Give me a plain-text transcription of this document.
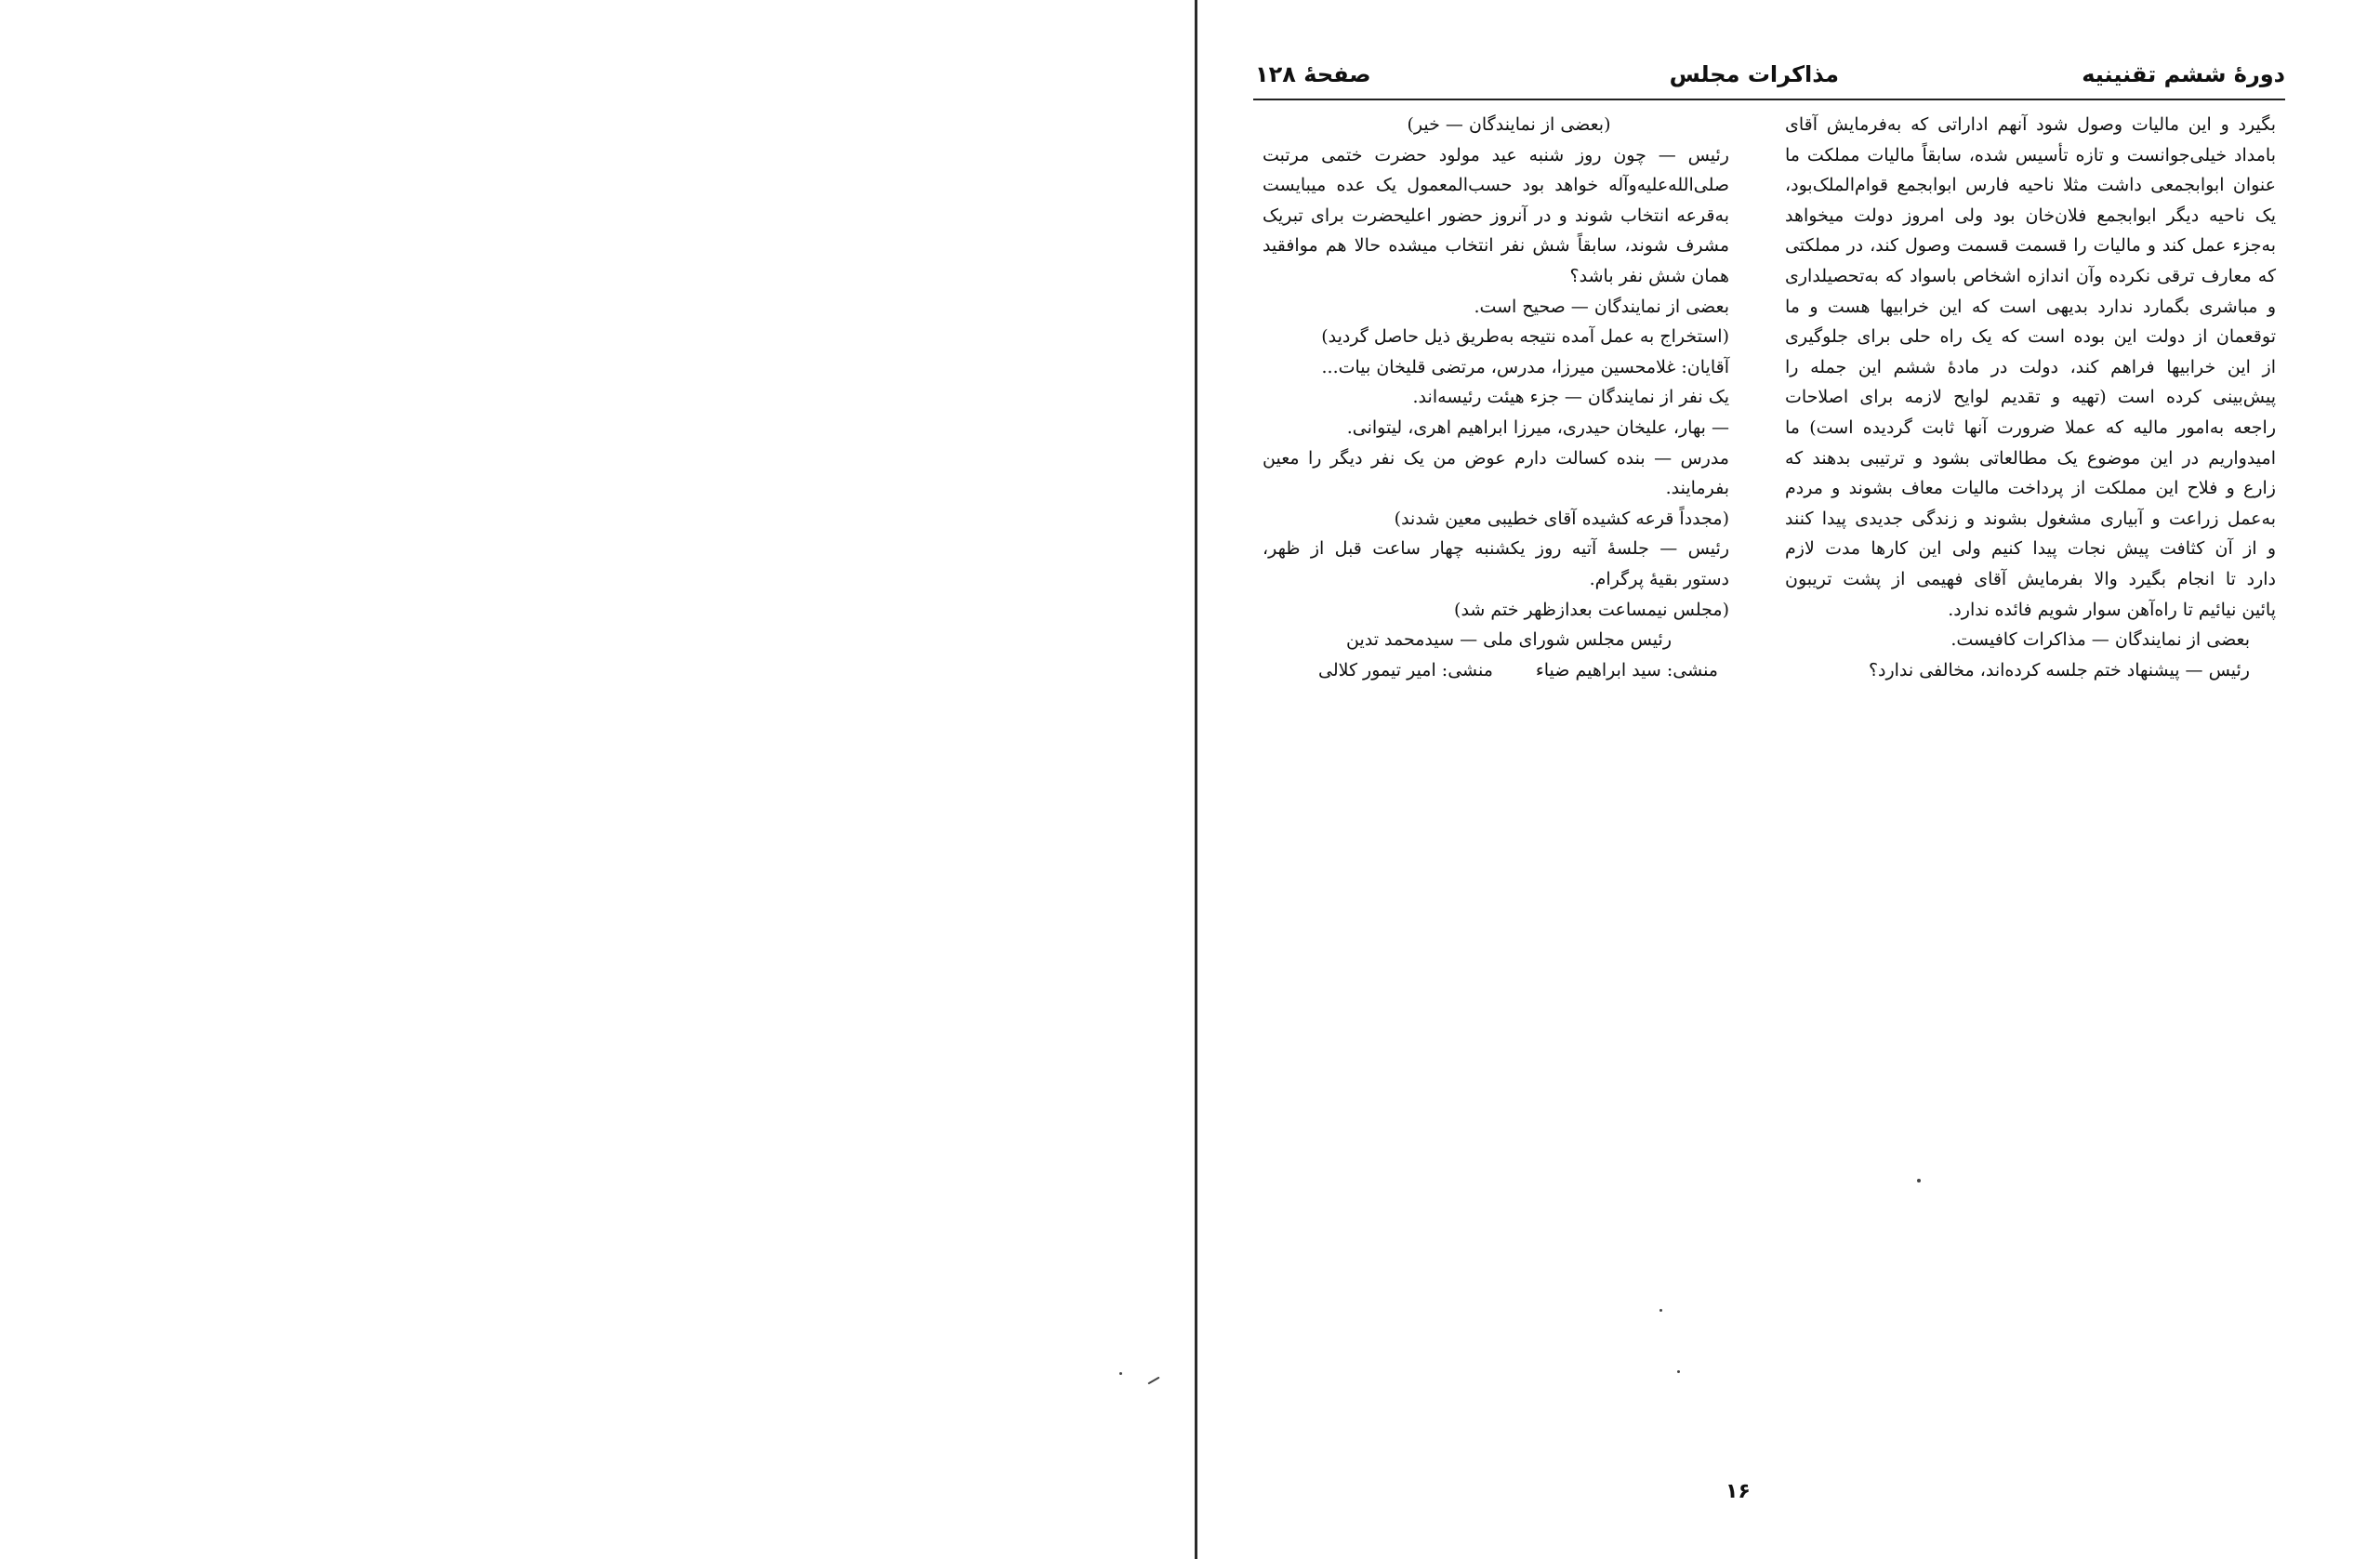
دورهٔ ششم تقنینیه
مذاکرات مجلس
صفحهٔ ۱۲۸

بگیرد و این مالیات وصول شود آنهم اداراتی که به‌فرمایش آقای

بامداد خیلی‌جوانست و تازه تأسیس شده، سابقاً مالیات مملکت ما

عنوان ابوابجمعی داشت مثلا ناحیه فارس ابوابجمع قوام‌الملک‌بود،

یک ناحیه دیگر ابوابجمع فلان‌خان بود ولی امروز دولت میخواهد

به‌جزء عمل کند و مالیات را قسمت قسمت وصول کند، در مملکتی

که معارف ترقی نکرده وآن اندازه اشخاص باسواد که به‌تحصیلداری

و مباشری بگمارد ندارد بدیهی است که این خرابیها هست و ما

توقعمان از دولت این بوده است که یک راه حلی برای جلوگیری

از این خرابیها فراهم کند، دولت در مادهٔ ششم این جمله را

پیش‌بینی کرده است (تهیه و تقدیم لوایح لازمه برای اصلاحات

راجعه به‌امور مالیه که عملا ضرورت آنها ثابت گردیده است) ما

امیدواریم در این موضوع یک مطالعاتی بشود و ترتیبی بدهند که

زارع و فلاح این مملکت از پرداخت مالیات معاف بشوند و مردم

به‌عمل زراعت و آبیاری مشغول بشوند و زندگی جدیدی پیدا کنند

و از آن کثافت پیش نجات پیدا کنیم ولی این کارها مدت لازم

دارد تا انجام بگیرد والا بفرمایش آقای فهیمی از پشت تریبون

پائین نیائیم تا راه‌آهن سوار شویم فائده ندارد.

بعضی از نمایندگان — مذاکرات کافیست.

رئیس — پیشنهاد ختم جلسه کرده‌اند، مخالفی ندارد؟

(بعضی از نمایندگان — خیر)

رئیس — چون روز شنبه عید مولود حضرت ختمی مرتبت صلی‌الله‌علیه‌وآله خواهد بود حسب‌المعمول یک عده میبایست به‌قرعه انتخاب شوند و در آنروز حضور اعلیحضرت برای تبریک مشرف شوند، سابقاً شش نفر انتخاب میشده حالا هم موافقید همان شش نفر باشد؟

بعضی از نمایندگان — صحیح است.

(استخراج به عمل آمده نتیجه به‌طریق ذیل حاصل گردید)

آقایان: غلامحسین میرزا، مدرس، مرتضی قلیخان بیات...

یک نفر از نمایندگان — جزء هیئت رئیسه‌اند.

— بهار، علیخان حیدری، میرزا ابراهیم اهری، لیتوانی.

مدرس — بنده کسالت دارم عوض من یک نفر دیگر را معین بفرمایند.

(مجدداً قرعه کشیده آقای خطیبی معین شدند)

رئیس — جلسهٔ آتیه روز یکشنبه چهار ساعت قبل از ظهر، دستور بقیهٔ پرگرام.

(مجلس نیمساعت بعدازظهر ختم شد)

رئیس مجلس شورای ملی — سیدمحمد تدین

منشی: سید ابراهیم ضیاء
منشی: امیر تیمور کلالی
۱۶
